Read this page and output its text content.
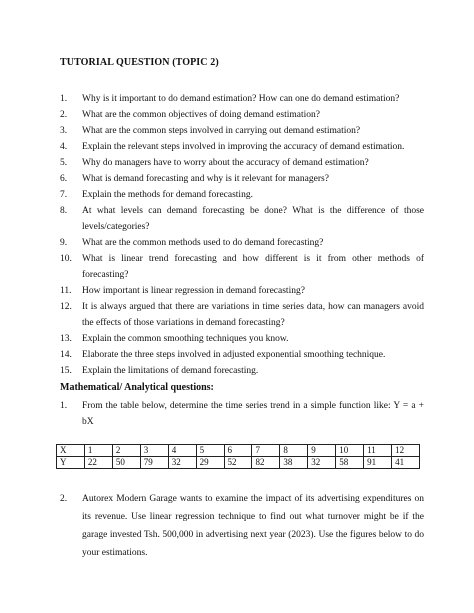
TUTORIAL QUESTION (TOPIC 2)
1.	Why is it important to do demand estimation? How can one do demand estimation?
2.	What are the common objectives of doing demand estimation?
3.	What are the common steps involved in carrying out demand estimation?
4.	Explain the relevant steps involved in improving the accuracy of demand estimation.
5.	Why do managers have to worry about the accuracy of demand estimation?
6.	What is demand forecasting and why is it relevant for managers?
7.	Explain the methods for demand forecasting.
8.	At what levels can demand forecasting be done? What is the difference of those
levels/categories?
9.	What are the common methods used to do demand forecasting?
10.	What is linear trend forecasting and how different is it from other methods of
forecasting?
11.	How important is linear regression in demand forecasting?
12.	It is always argued that there are variations in time series data, how can managers avoid
the effects of those variations in demand forecasting?
13.	Explain the common smoothing techniques you know.
14.	Elaborate the three steps involved in adjusted exponential smoothing technique.
15.	Explain the limitations of demand forecasting.
Mathematical/ Analytical questions:
1.	From the table below, determine the time series trend in a simple function like: Y = a +
bX
X	1	2	3	4	5	6	7	8	9	10	11	12
Y	22	50	79	32	29	52	82	38	32	58	91	41
2.	Autorex Modern Garage wants to examine the impact of its advertising expenditures on
its revenue. Use linear regression technique to find out what turnover might be if the
garage invested Tsh. 500,000 in advertising next year (2023). Use the figures below to do
your estimations.
